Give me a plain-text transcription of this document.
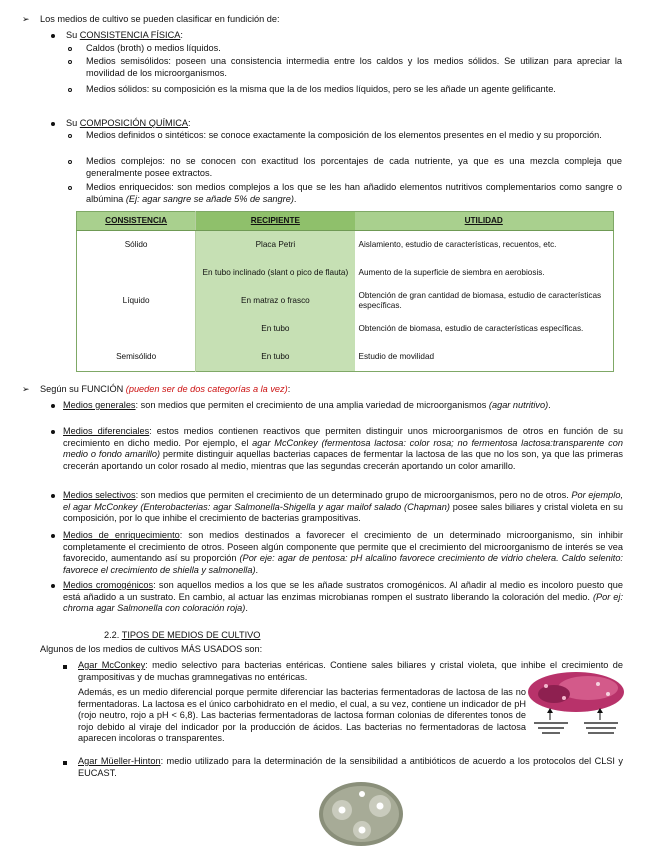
➢ Los medios de cultivo se pueden clasificar en fundición de:
Su CONSISTENCIA FÍSICA:
Caldos (broth) o medios líquidos.
Medios semisólidos: poseen una consistencia intermedia entre los caldos y los medios sólidos. Se utilizan para apreciar la movilidad de los microorganismos.
Medios sólidos: su composición es la misma que la de los medios líquidos, pero se les añade un agente gelificante.
Su COMPOSICIÓN QUÍMICA:
Medios definidos o sintéticos: se conoce exactamente la composición de los elementos presentes en el medio y su proporción.
Medios complejos: no se conocen con exactitud los porcentajes de cada nutriente, ya que es una mezcla compleja que generalmente posee extractos.
Medios enriquecidos: son medios complejos a los que se les han añadido elementos nutritivos complementarios como sangre o albúmina (Ej: agar sangre se añade 5% de sangre).
CONSISTENCIA	RECIPIENTE	UTILIDAD
Sólido	Placa Petri	Aislamiento, estudio de características, recuentos, etc.
	En tubo inclinado (slant o pico de flauta)	Aumento de la superficie de siembra en aerobiosis.
Líquido	En matraz o frasco	Obtención de gran cantidad de biomasa, estudio de características específicas.
	En tubo	Obtención de biomasa, estudio de características específicas.
Semisólido	En tubo	Estudio de movilidad
➢ Según su FUNCIÓN (pueden ser de dos categorías a la vez):
Medios generales: son medios que permiten el crecimiento de una amplia variedad de microorganismos (agar nutritivo).
Medios diferenciales: estos medios contienen reactivos que permiten distinguir unos microorganismos de otros en función de su crecimiento en dicho medio. Por ejemplo, el agar McConkey (fermentosa lactosa: color rosa; no fermentosa lactosa:transparente con medio o fondo amarillo) permite distinguir aquellas bacterias capaces de fermentar la lactosa de las que no los son, ya que las primeras crecerán aportando un color rosado al medio, mientras que las segundas crecerán aportando un color amarillo.
Medios selectivos: son medios que permiten el crecimiento de un determinado grupo de microorganismos, pero no de otros. Por ejemplo, el agar McConkey (Enterobacterias: agar Salmonella-Shigella y agar mailof salado (Chapman) posee sales biliares y cristal violeta en su composición, por lo que inhibe el crecimiento de bacterias grampositivas.
Medios de enriquecimiento: son medios destinados a favorecer el crecimiento de un determinado microorganismo, sin inhibir completamente el crecimiento de otros. Poseen algún componente que permite que el crecimiento del microorganismo de interés se vea favorecido, aumentando así su proporción (Por eje: agar de pentosa: pH alcalino favorece crecimiento de vidrio chelera. Caldo selenito: favorece el crecimiento de shiella y salmonella).
Medios cromogénicos: son aquellos medios a los que se les añade sustratos cromogénicos. Al añadir al medio es incoloro puesto que está añadido a un sustrato. En cambio, al actuar las enzimas microbianas rompen el sustrato liberando la coloración del medio. (Por ej: chroma agar Salmonella con coloración roja).
2.2. TIPOS DE MEDIOS DE CULTIVO
Algunos de los medios de cultivos MÁS USADOS son:
Agar McConkey: medio selectivo para bacterias entéricas. Contiene sales biliares y cristal violeta, que inhibe el crecimiento de grampositivas y de muchas gramnegativas no entéricas.
Además, es un medio diferencial porque permite diferenciar las bacterias fermentadoras de lactosa de las no fermentadoras. La lactosa es el único carbohidrato en el medio, el cual, a su vez, contiene un indicador de pH (rojo neutro, rojo a pH < 6,8). Las bacterias fermentadoras de lactosa forman colonias de diferentes tonos de rojo debido al viraje del indicador por la producción de ácidos. Las bacterias no fermentadoras de lactosa aparecen incoloras o transparentes.
Agar Müeller-Hinton: medio utilizado para la determinación de la sensibilidad a antibióticos de acuerdo a los protocolos del CLSI y EUCAST.
